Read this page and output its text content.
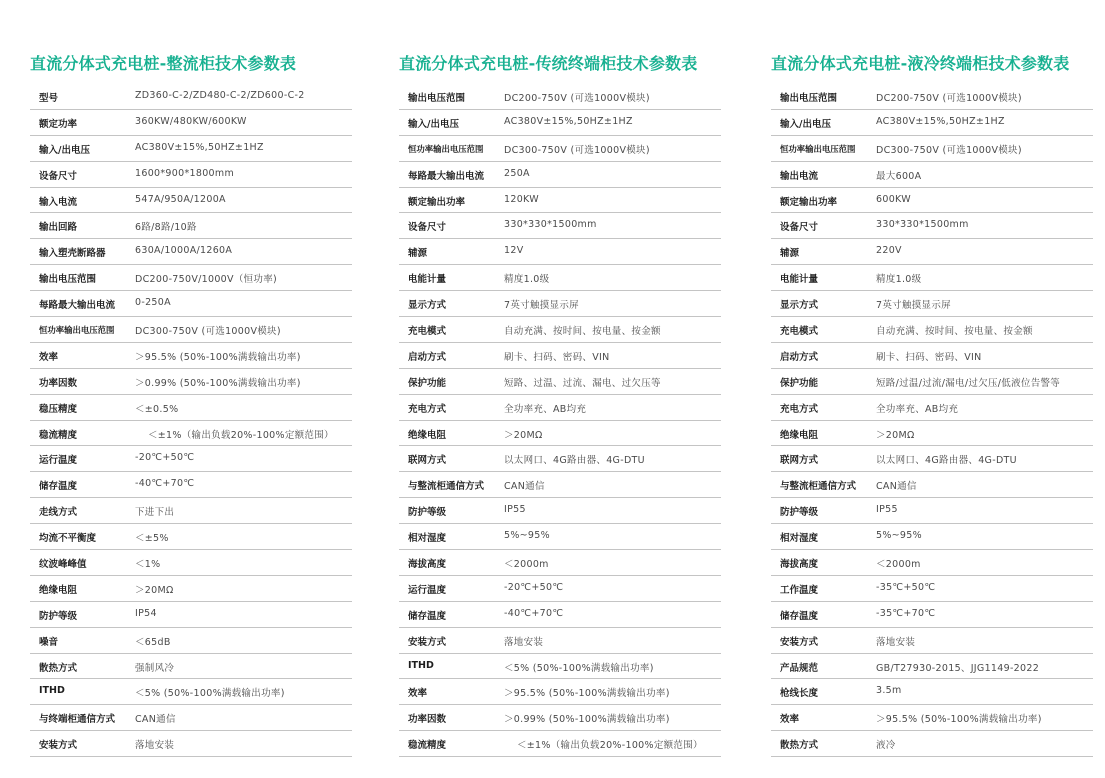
直流分体式充电桩-整流柜技术参数表
型号	ZD360-C-2/ZD480-C-2/ZD600-C-2
额定功率	360KW/480KW/600KW
输入/出电压	AC380V±15%,50HZ±1HZ
设备尺寸	1600*900*1800mm
输入电流	547A/950A/1200A
输出回路	6路/8路/10路
输入塑壳断路器	630A/1000A/1260A
输出电压范围	DC200-750V/1000V（恒功率)
每路最大输出电流 0-250A
恒功率输出电压范围 DC300-750V (可选1000V模块)
效率	＞95.5% (50%-100%满载输出功率)
功率因数	＞0.99% (50%-100%满载输出功率)
稳压精度	＜±0.5%
稳流精度	＜±1%（输出负载20%-100%定额范围）
运行温度	-20℃+50℃
储存温度	-40℃+70℃
走线方式	下进下出
均流不平衡度	＜±5%
纹波峰峰值	＜1%
绝缘电阻	＞20MΩ
防护等级	IP54
噪音	＜65dB
散热方式	强制风冷
ITHD	＜5% (50%-100%满载输出功率)
与终端柜通信方式 CAN通信
安装方式	落地安装
直流分体式充电桩-传统终端柜技术参数表
输出电压范围	DC200-750V (可选1000V模块)
输入/出电压	AC380V±15%,50HZ±1HZ
恒功率输出电压范围 DC300-750V (可选1000V模块)
每路最大输出电流 250A
额定输出功率	120KW
设备尺寸	330*330*1500mm
辅源	12V
电能计量	精度1.0级
显示方式	7英寸触摸显示屏
充电模式	自动充满、按时间、按电量、按金额
启动方式	刷卡、扫码、密码、VIN
保护功能	短路、过温、过流、漏电、过欠压等
充电方式	全功率充、AB均充
绝缘电阻	＞20MΩ
联网方式	以太网口、4G路由器、4G-DTU
与整流柜通信方式 CAN通信
防护等级	IP55
相对湿度	5%~95%
海拔高度	＜2000m
运行温度	-20℃+50℃
储存温度	-40℃+70℃
安装方式	落地安装
ITHD	＜5% (50%-100%满载输出功率)
效率	＞95.5% (50%-100%满载输出功率)
功率因数	＞0.99% (50%-100%满载输出功率)
稳流精度	＜±1%（输出负载20%-100%定额范围）
直流分体式充电桩-液冷终端柜技术参数表
输出电压范围	DC200-750V (可选1000V模块)
输入/出电压	AC380V±15%,50HZ±1HZ
恒功率输出电压范围 DC300-750V (可选1000V模块)
输出电流	最大600A
额定输出功率	600KW
设备尺寸	330*330*1500mm
辅源	220V
电能计量	精度1.0级
显示方式	7英寸触摸显示屏
充电模式	自动充满、按时间、按电量、按金额
启动方式	刷卡、扫码、密码、VIN
保护功能	短路/过温/过流/漏电/过欠压/低液位告警等
充电方式	全功率充、AB均充
绝缘电阻	＞20MΩ
联网方式	以太网口、4G路由器、4G-DTU
与整流柜通信方式 CAN通信
防护等级	IP55
相对湿度	5%~95%
海拔高度	＜2000m
工作温度	-35℃+50℃
储存温度	-35℃+70℃
安装方式	落地安装
产品规范	GB/T27930-2015、JJG1149-2022
枪线长度	3.5m
效率	＞95.5% (50%-100%满载输出功率)
散热方式	液冷
